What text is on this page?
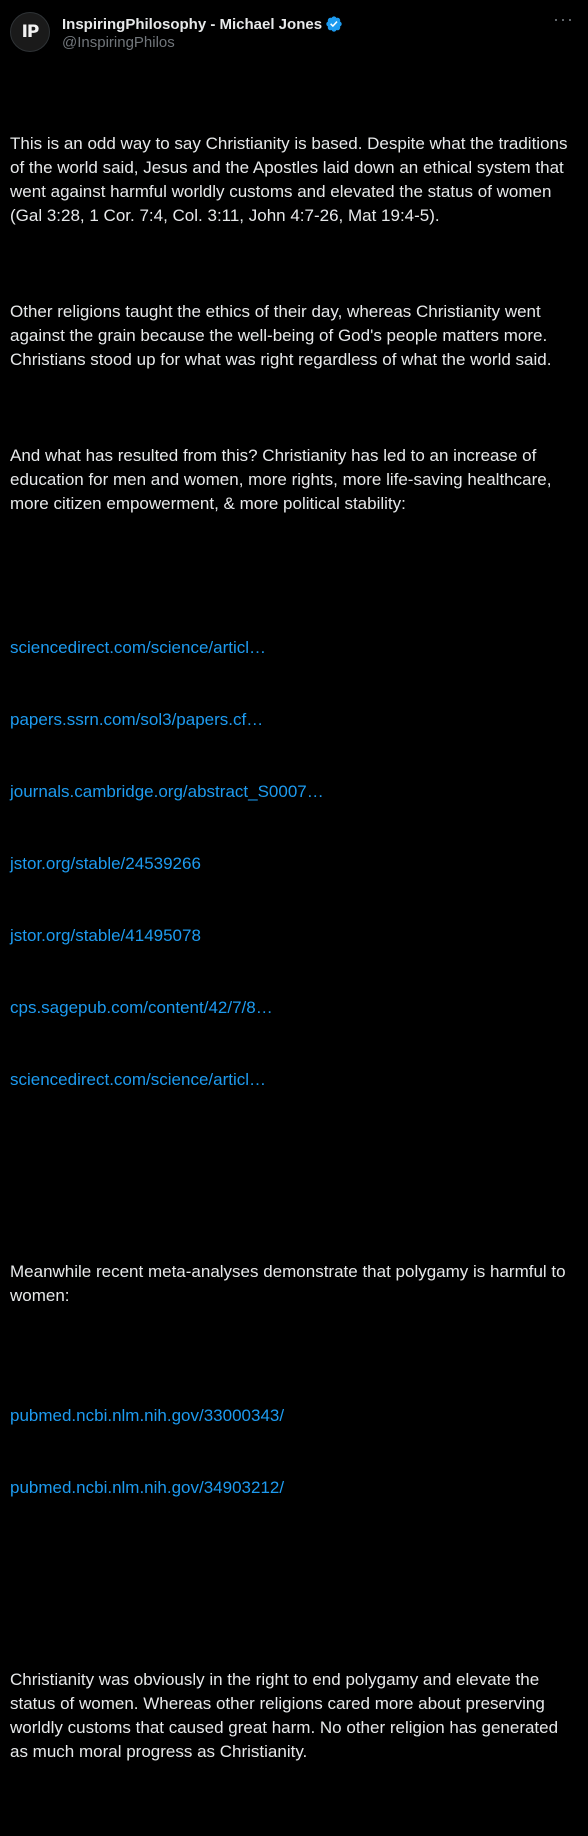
IP InspiringPhilosophy - Michael Jones
@InspiringPhilos
···

This is an odd way to say Christianity is based. Despite what the traditions of the world said, Jesus and the Apostles laid down an ethical system that went against harmful worldly customs and elevated the status of women (Gal 3:28, 1 Cor. 7:4, Col. 3:11, John 4:7-26, Mat 19:4-5).

Other religions taught the ethics of their day, whereas Christianity went against the grain because the well-being of God's people matters more. Christians stood up for what was right regardless of what the world said.

And what has resulted from this? Christianity has led to an increase of education for men and women, more rights, more life-saving healthcare, more citizen empowerment, & more political stability:

sciencedirect.com/science/articl…

papers.ssrn.com/sol3/papers.cf…

journals.cambridge.org/abstract_S0007…

jstor.org/stable/24539266

jstor.org/stable/41495078

cps.sagepub.com/content/42/7/8…

sciencedirect.com/science/articl…

Meanwhile recent meta-analyses demonstrate that polygamy is harmful to women:

pubmed.ncbi.nlm.nih.gov/33000343/

pubmed.ncbi.nlm.nih.gov/34903212/

Christianity was obviously in the right to end polygamy and elevate the status of women. Whereas other religions cared more about preserving worldly customs that caused great harm. No other religion has generated as much moral progress as Christianity.
